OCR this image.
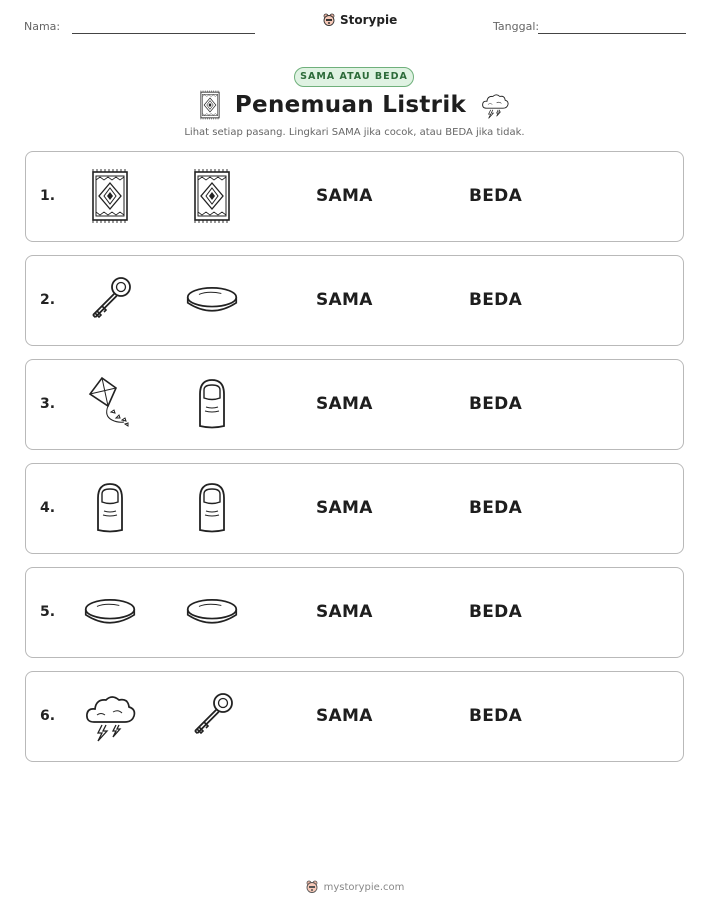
Nama:	Storypie	Tanggal:
SAMA ATAU BEDA
Penemuan Listrik
Lihat setiap pasang. Lingkari SAMA jika cocok, atau BEDA jika tidak.
1.	SAMA	BEDA
2.	SAMA	BEDA
3.	SAMA	BEDA
4.	SAMA	BEDA
5.	SAMA	BEDA
6.	SAMA	BEDA
mystorypie.com
